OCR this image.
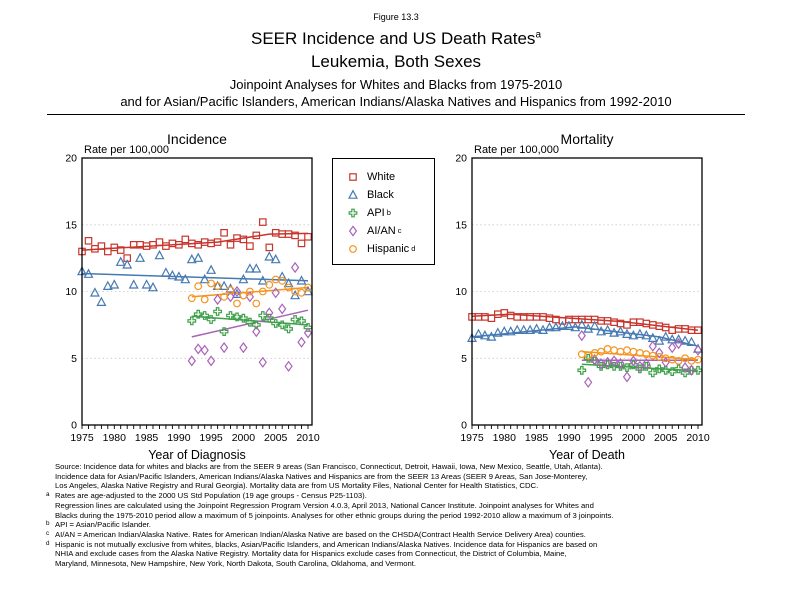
Figure 13.3
SEER Incidence and US Death Rates$^a$
Leukemia, Both Sexes
Joinpoint Analyses for Whites and Blacks from 1975-2010
and for Asian/Pacific Islanders, American Indians/Alaska Natives and Hispanics from 1992-2010
1975 1980 1985 1990 1995 2000 2005 2010
0
5
10
15
20
Incidence
Rate per 100,000
Year of Diagnosis
1975 1980 1985 1990 1995 2000 2005 2010
0
5
10
15
20
Mortality
Rate per 100,000
Year of Death
White
Black
API $^b$
AI/AN $^c$
Hispanic $^d$
Source: Incidence data for whites and blacks are from the SEER 9 areas (San Francisco, Connecticut, Detroit, Hawaii, Iowa, New Mexico, Seattle, Utah, Atlanta).
Incidence data for Asian/Pacific Islanders, American Indians/Alaska Natives and Hispanics are from the SEER 13 Areas (SEER 9 Areas, San Jose-Monterey,
Los Angeles, Alaska Native Registry and Rural Georgia). Mortality data are from US Mortality Files, National Center for Health Statistics, CDC.
a Rates are age-adjusted to the 2000 US Std Population (19 age groups - Census P25-1103).
Regression lines are calculated using the Joinpoint Regression Program Version 4.0.3, April 2013, National Cancer Institute. Joinpoint analyses for Whites and
Blacks during the 1975-2010 period allow a maximum of 5 joinpoints. Analyses for other ethnic groups during the period 1992-2010 allow a maximum of 3 joinpoints.
b API = Asian/Pacific Islander.
c AI/AN = American Indian/Alaska Native. Rates for American Indian/Alaska Native are based on the CHSDA(Contract Health Service Delivery Area) counties.
d Hispanic is not mutually exclusive from whites, blacks, Asian/Pacific Islanders, and American Indians/Alaska Natives. Incidence data for Hispanics are based on
NHIA and exclude cases from the Alaska Native Registry. Mortality data for Hispanics exclude cases from Connecticut, the District of Columbia, Maine,
Maryland, Minnesota, New Hampshire, New York, North Dakota, South Carolina, Oklahoma, and Vermont.
